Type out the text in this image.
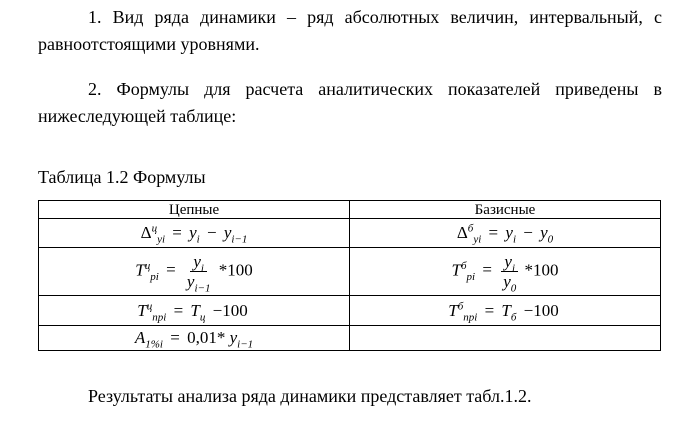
1. Вид ряда динамики – ряд абсолютных величин, интервальный, с равноотстоящими уровнями.
2. Формулы для расчета аналитических показателей приведены в нижеследующей таблице:
Таблица 1.2 Формулы
Цепные	Базисные
$\Delta^ц_{yi} = y_i - y_{i-1}$	$\Delta^б_{yi} = y_i - y_0$
$T^ц_{pi} = \frac{y_i}{y_{i-1}} *100$	$T^б_{pi} = \frac{y_i}{y_0} *100$
$T^ц_{npi} = T_ц -100$	$T^б_{npi} = T_б -100$
$A_{1\%i} = 0,01*$ $y_{i-1}$	
Результаты анализа ряда динамики представляет табл.1.2.
